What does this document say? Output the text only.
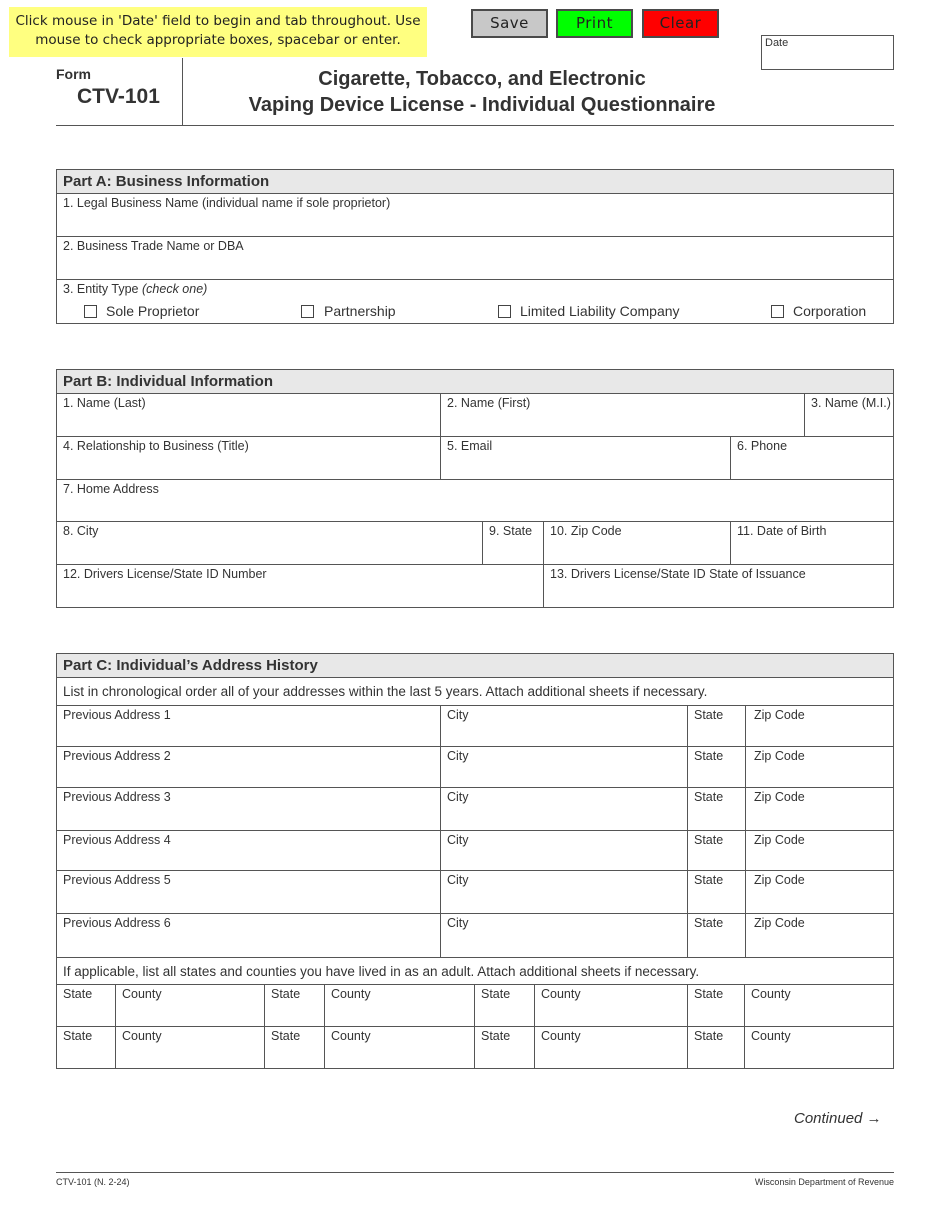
Click mouse in 'Date' field to begin and tab throughout. Use mouse to check appropriate boxes, spacebar or enter.
Save	Print	Clear
Date
Form
CTV-101
Cigarette, Tobacco, and Electronic
Vaping Device License - Individual Questionnaire
Part A: Business Information
1. Legal Business Name (individual name if sole proprietor)
2. Business Trade Name or DBA
3. Entity Type (check one)
Sole Proprietor	Partnership	Limited Liability Company	Corporation
Part B: Individual Information
1. Name (Last)	2. Name (First)	3. Name (M.I.)
4. Relationship to Business (Title)	5. Email	6. Phone
7. Home Address
8. City	9. State 10. Zip Code	11. Date of Birth
12. Drivers License/State ID Number	13. Drivers License/State ID State of Issuance
Part C: Individual’s Address History
List in chronological order all of your addresses within the last 5 years. Attach additional sheets if necessary.
Previous Address 1	City	State Zip Code
Previous Address 2	City	State Zip Code
Previous Address 3	City	State Zip Code
Previous Address 4	City	State Zip Code
Previous Address 5	City	State Zip Code
Previous Address 6	City	State Zip Code
If applicable, list all states and counties you have lived in as an adult. Attach additional sheets if necessary.
State County	State County	State County	State County
State County	State County	State County	State County
Continued →
CTV-101 (N. 2-24)	Wisconsin Department of Revenue
